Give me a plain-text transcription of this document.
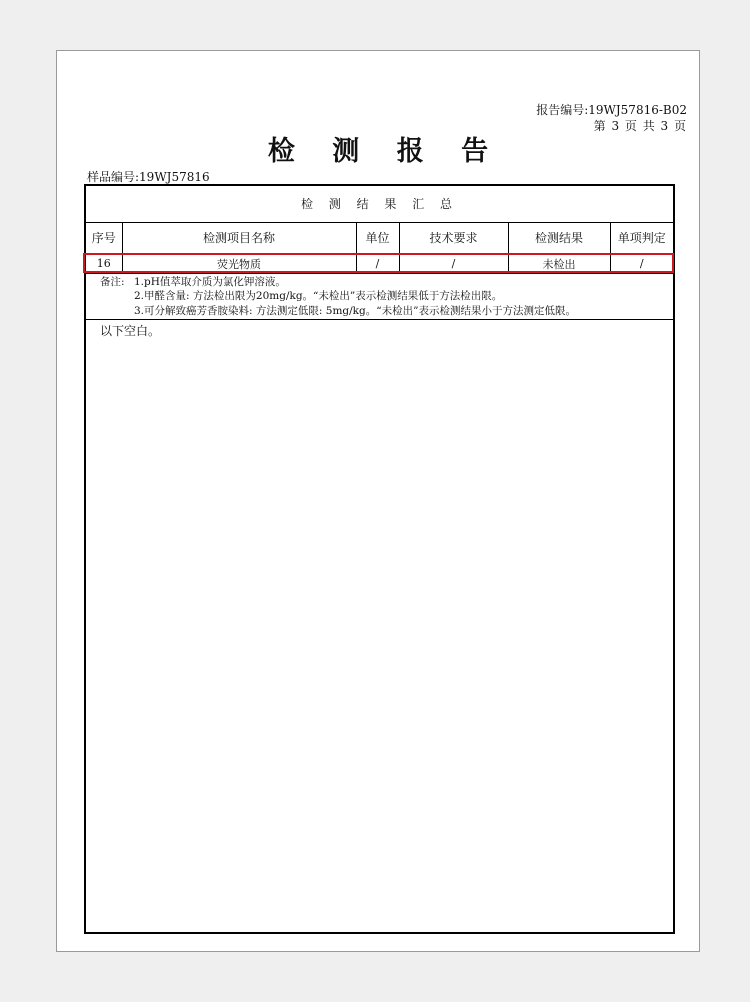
报告编号:19WJ57816-B02
第 3 页 共 3 页
检 测 报 告
样品编号:19WJ57816
检 测 结 果 汇 总
序号	检测项目名称	单位	技术要求	检测结果	单项判定
16	荧光物质	/	/	未检出	/
备注: 1.pH值萃取介质为氯化钾溶液。
2.甲醛含量: 方法检出限为20mg/kg。“未检出”表示检测结果低于方法检出限。
3.可分解致癌芳香胺染料: 方法测定低限: 5mg/kg。“未检出”表示检测结果小于方法测定低限。
以下空白。
